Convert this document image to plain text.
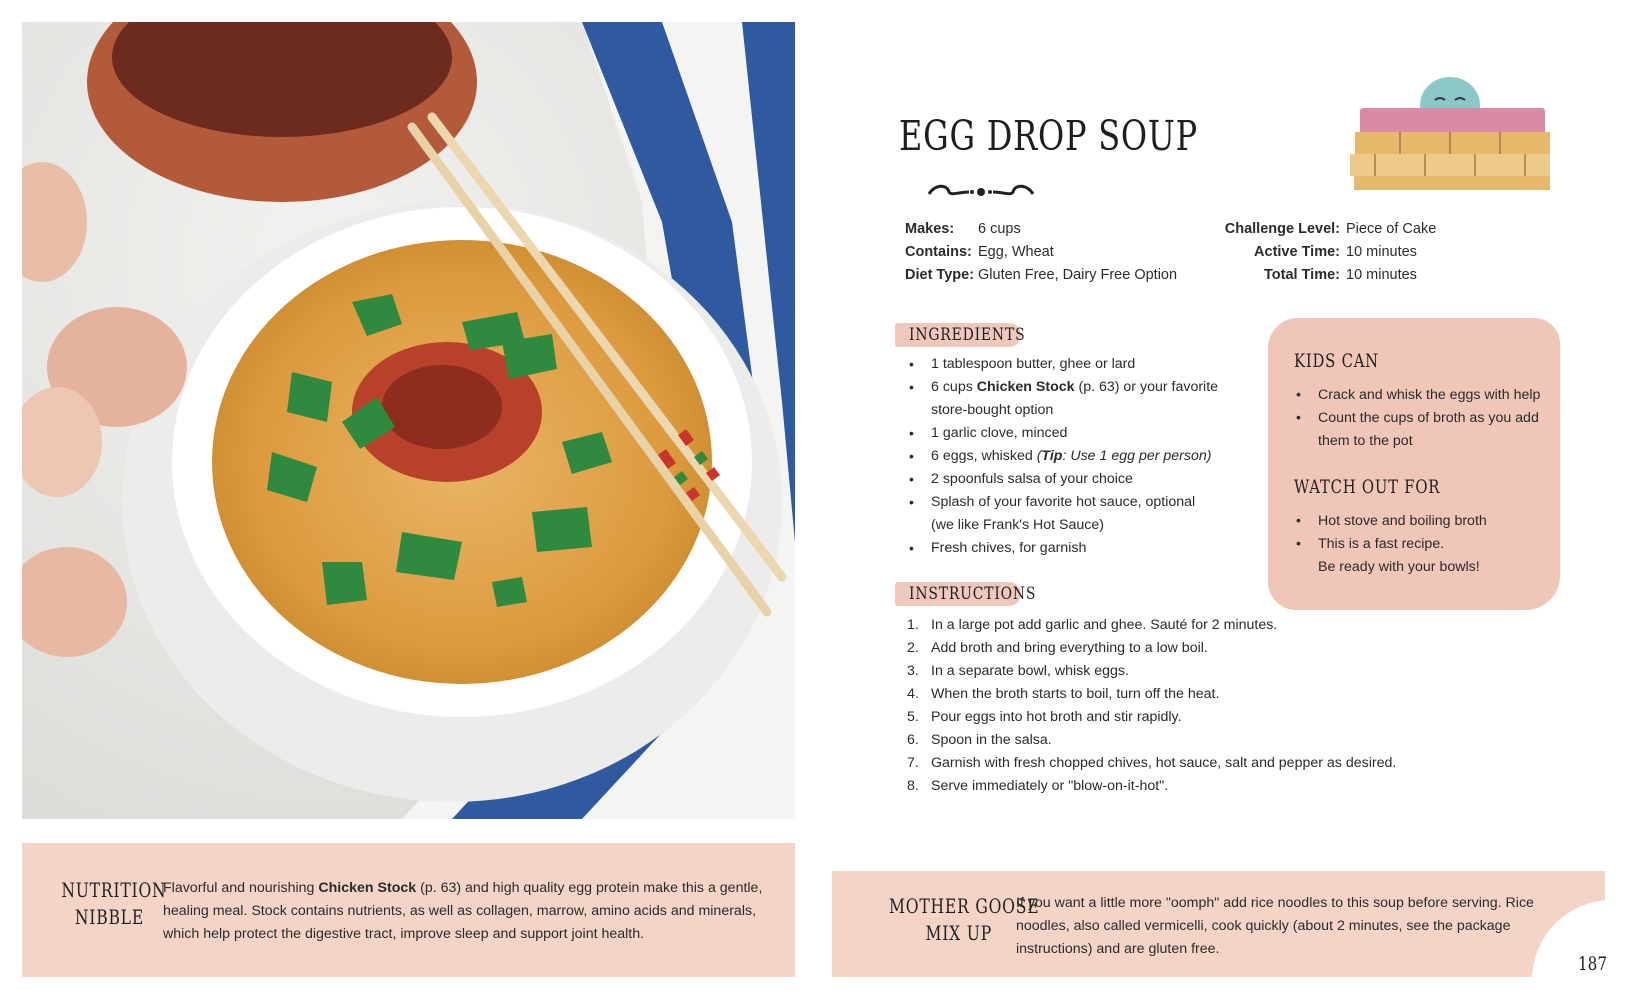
EGG DROP SOUP
Makes: 6 cups
Contains: Egg, Wheat
Diet Type: Gluten Free, Dairy Free Option
Challenge Level: Piece of Cake
Active Time: 10 minutes
Total Time: 10 minutes
INGREDIENTS
• 1 tablespoon butter, ghee or lard
• 6 cups Chicken Stock (p. 63) or your favorite
store-bought option
• 1 garlic clove, minced
• 6 eggs, whisked (Tip: Use 1 egg per person)
• 2 spoonfuls salsa of your choice
• Splash of your favorite hot sauce, optional
(we like Frank's Hot Sauce)
• Fresh chives, for garnish
INSTRUCTIONS
1. In a large pot add garlic and ghee. Sauté for 2 minutes.
2. Add broth and bring everything to a low boil.
3. In a separate bowl, whisk eggs.
4. When the broth starts to boil, turn off the heat.
5. Pour eggs into hot broth and stir rapidly.
6. Spoon in the salsa.
7. Garnish with fresh chopped chives, hot sauce, salt and pepper as desired.
8. Serve immediately or "blow-on-it-hot".
KIDS CAN
• Crack and whisk the eggs with help
• Count the cups of broth as you add
them to the pot
WATCH OUT FOR
• Hot stove and boiling broth
• This is a fast recipe.
Be ready with your bowls!
NUTRITION
NIBBLE
Flavorful and nourishing Chicken Stock (p. 63) and high quality egg protein make this a gentle, healing meal. Stock contains nutrients, as well as collagen, marrow, amino acids and minerals, which help protect the digestive tract, improve sleep and support joint health.
MOTHER GOOSE
MIX UP
If you want a little more "oomph" add rice noodles to this soup before serving. Rice noodles, also called vermicelli, cook quickly (about 2 minutes, see the package instructions) and are gluten free.
187
